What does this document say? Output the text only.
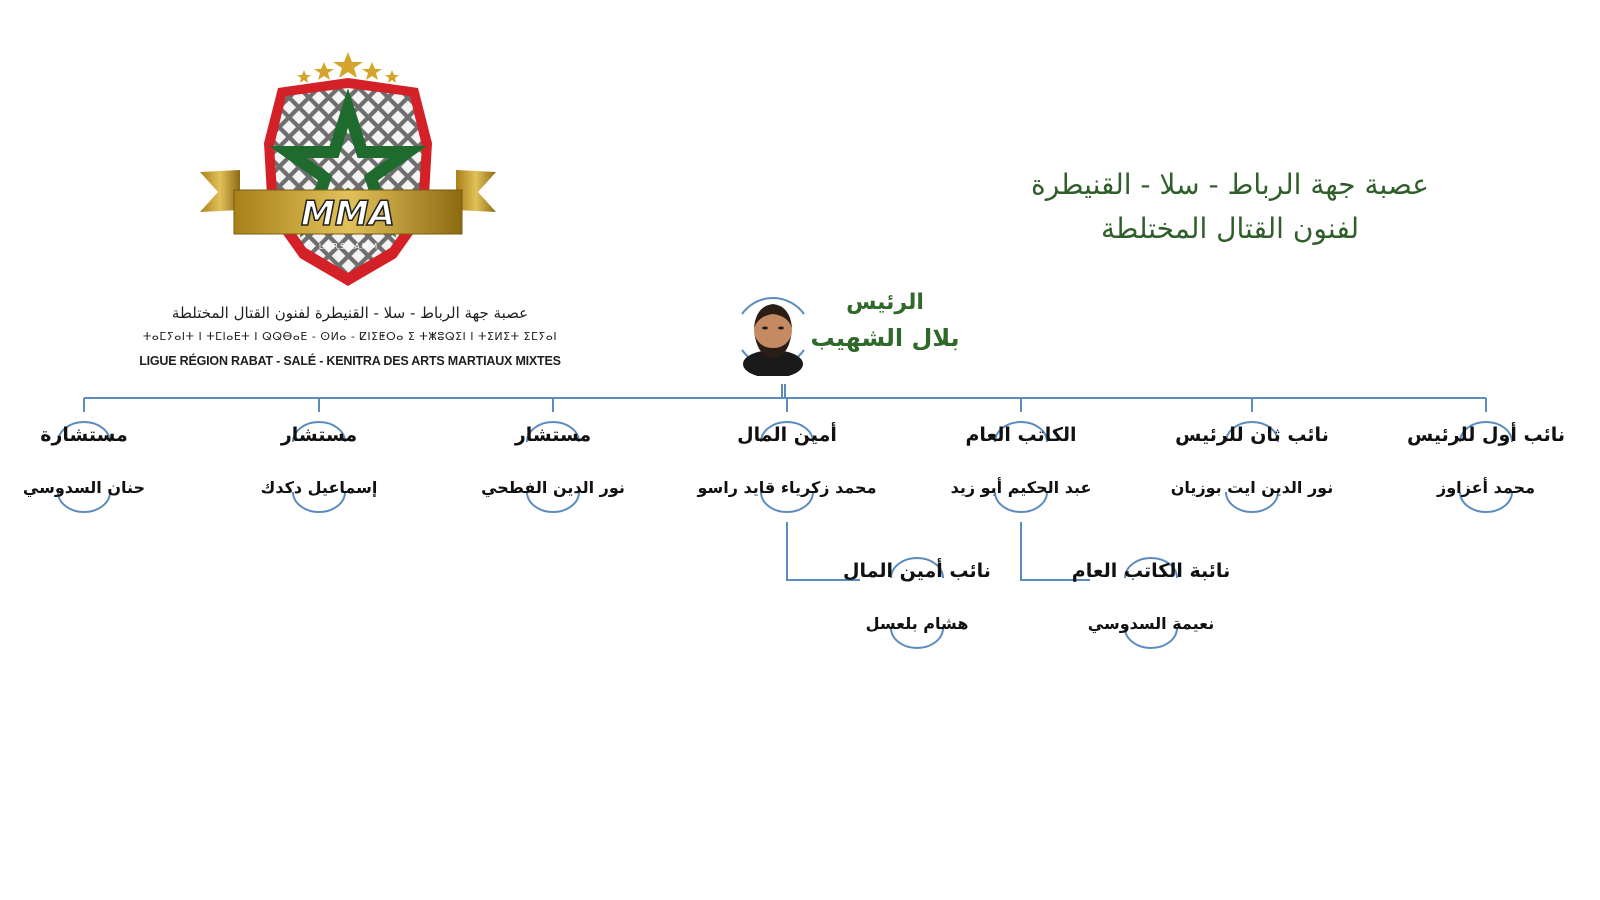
MMA
L.R.R.S.K.A.M.M
عصبة جهة الرباط - سلا - القنيطرة لفنون القتال المختلطة
ⵜⴰⵎⵢⴰⵏⵜ ⵏ ⵜⵎⵏⴰⴹⵜ ⵏ ⵕⵕⴱⴰⴹ - ⵙⵍⴰ - ⵇⵏⵉⵟⵔⴰ ⵉ ⵜⵥⵓⵕⵉⵏ ⵏ ⵜⵉⵍⵉⵜ ⵉⵎⵢⴰⵏ
LIGUE RÉGION RABAT - SALÉ - KENITRA DES ARTS MARTIAUX MIXTES
عصبة جهة الرباط - سلا - القنيطرة
لفنون القتال المختلطة
الرئيس
بلال الشهيب
نائب أول للرئيس
محمد أعزاوز
نائب ثان للرئيس
نور الدين ايت بوزيان
الكاتب العام
عبد الحكيم أبو زيد
أمين المال
محمد زكرياء قايد راسو
مستشار
نور الدين الفطحي
مستشار
إسماعيل دكدك
مستشارة
حنان السدوسي
نائبة الكاتب العام
نعيمة السدوسي
نائب أمين المال
هشام بلعسل
